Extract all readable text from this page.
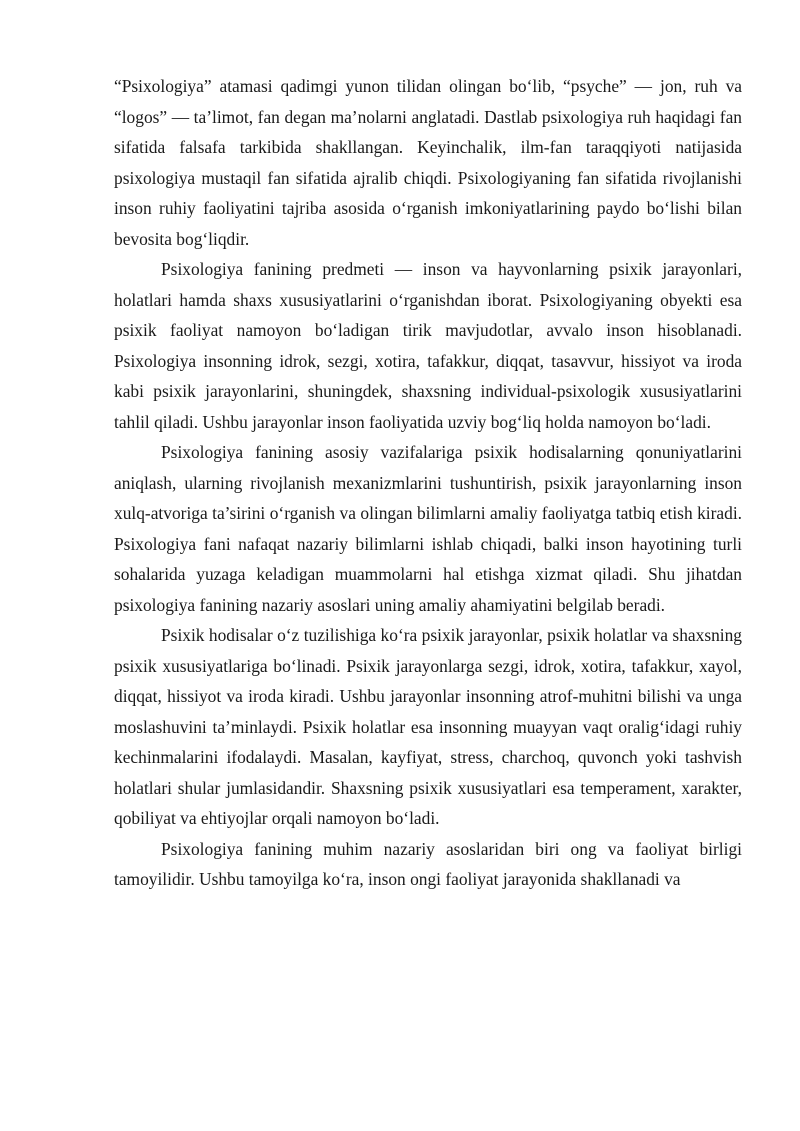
“Psixologiya” atamasi qadimgi yunon tilidan olingan bo‘lib, “psyche” — jon, ruh va “logos” — ta’limot, fan degan ma’nolarni anglatadi. Dastlab psixologiya ruh haqidagi fan sifatida falsafa tarkibida shakllangan. Keyinchalik, ilm-fan taraqqiyoti natijasida psixologiya mustaqil fan sifatida ajralib chiqdi. Psixologiyaning fan sifatida rivojlanishi inson ruhiy faoliyatini tajriba asosida o‘rganish imkoniyatlarining paydo bo‘lishi bilan bevosita bog‘liqdir.

Psixologiya fanining predmeti — inson va hayvonlarning psixik jarayonlari, holatlari hamda shaxs xususiyatlarini o‘rganishdan iborat. Psixologiyaning obyekti esa psixik faoliyat namoyon bo‘ladigan tirik mavjudotlar, avvalo inson hisoblanadi. Psixologiya insonning idrok, sezgi, xotira, tafakkur, diqqat, tasavvur, hissiyot va iroda kabi psixik jarayonlarini, shuningdek, shaxsning individual-psixologik xususiyatlarini tahlil qiladi. Ushbu jarayonlar inson faoliyatida uzviy bog‘liq holda namoyon bo‘ladi.

Psixologiya fanining asosiy vazifalariga psixik hodisalarning qonuniyatlarini aniqlash, ularning rivojlanish mexanizmlarini tushuntirish, psixik jarayonlarning inson xulq-atvoriga ta’sirini o‘rganish va olingan bilimlarni amaliy faoliyatga tatbiq etish kiradi. Psixologiya fani nafaqat nazariy bilimlarni ishlab chiqadi, balki inson hayotining turli sohalarida yuzaga keladigan muammolarni hal etishga xizmat qiladi. Shu jihatdan psixologiya fanining nazariy asoslari uning amaliy ahamiyatini belgilab beradi.

Psixik hodisalar o‘z tuzilishiga ko‘ra psixik jarayonlar, psixik holatlar va shaxsning psixik xususiyatlariga bo‘linadi. Psixik jarayonlarga sezgi, idrok, xotira, tafakkur, xayol, diqqat, hissiyot va iroda kiradi. Ushbu jarayonlar insonning atrof-muhitni bilishi va unga moslashuvini ta’minlaydi. Psixik holatlar esa insonning muayyan vaqt oralig‘idagi ruhiy kechinmalarini ifodalaydi. Masalan, kayfiyat, stress, charchoq, quvonch yoki tashvish holatlari shular jumlasidandir. Shaxsning psixik xususiyatlari esa temperament, xarakter, qobiliyat va ehtiyojlar orqali namoyon bo‘ladi.

Psixologiya fanining muhim nazariy asoslaridan biri ong va faoliyat birligi tamoyilidir. Ushbu tamoyilga ko‘ra, inson ongi faoliyat jarayonida shakllanadi va
